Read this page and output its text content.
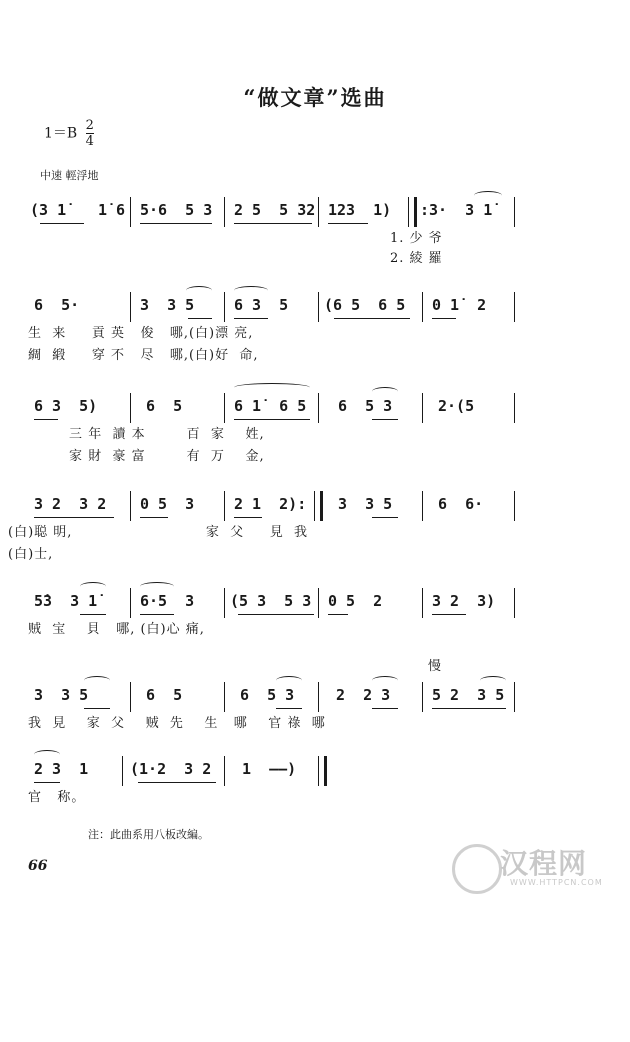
“做文章”选曲
$1=B \frac{2}{4}$
中速 輕浮地

(3 1̇

1̇ 6

5·6  5 3

2 5  5 32

123  1)

:3·  3 1̇

1. 少 爷

2. 綾 羅

6  5·

	3  3 5

	6 3  5

(6 5  6 5

0 1̇  2

生  来     貢 英   俊   哪,(白)漂 亮,

綢  緞     穿 不   尽   哪,(白)好  命,

6 3  5)

	6  5

	6 1̇  6 5

6  5 3

	2·(5

三 年  讀 本        百  家    姓,

家 財  豪 富        有  万    金,

3 2  3 2

0 5  3

	2 1  2):

3  3 5

	6  6·

(白)聪 明,                          家  父     見  我

(白)士,

5̇3  3 1̇

	6·5  3

(5 3  5 3

0 5  2

	3 2  3)

贼  宝    貝   哪, (白)心 痛,

慢

3  3 5

	6  5

	6  5 3

	2  2 3

	5 2  3 5

我  見    家  父    贼  先    生   哪    官 祿  哪

2 3  1

	(1·2  3 2

1  ––)

官   称。

注：此曲系用八板改編。
66	汉程网
WWW.HTTPCN.COM
